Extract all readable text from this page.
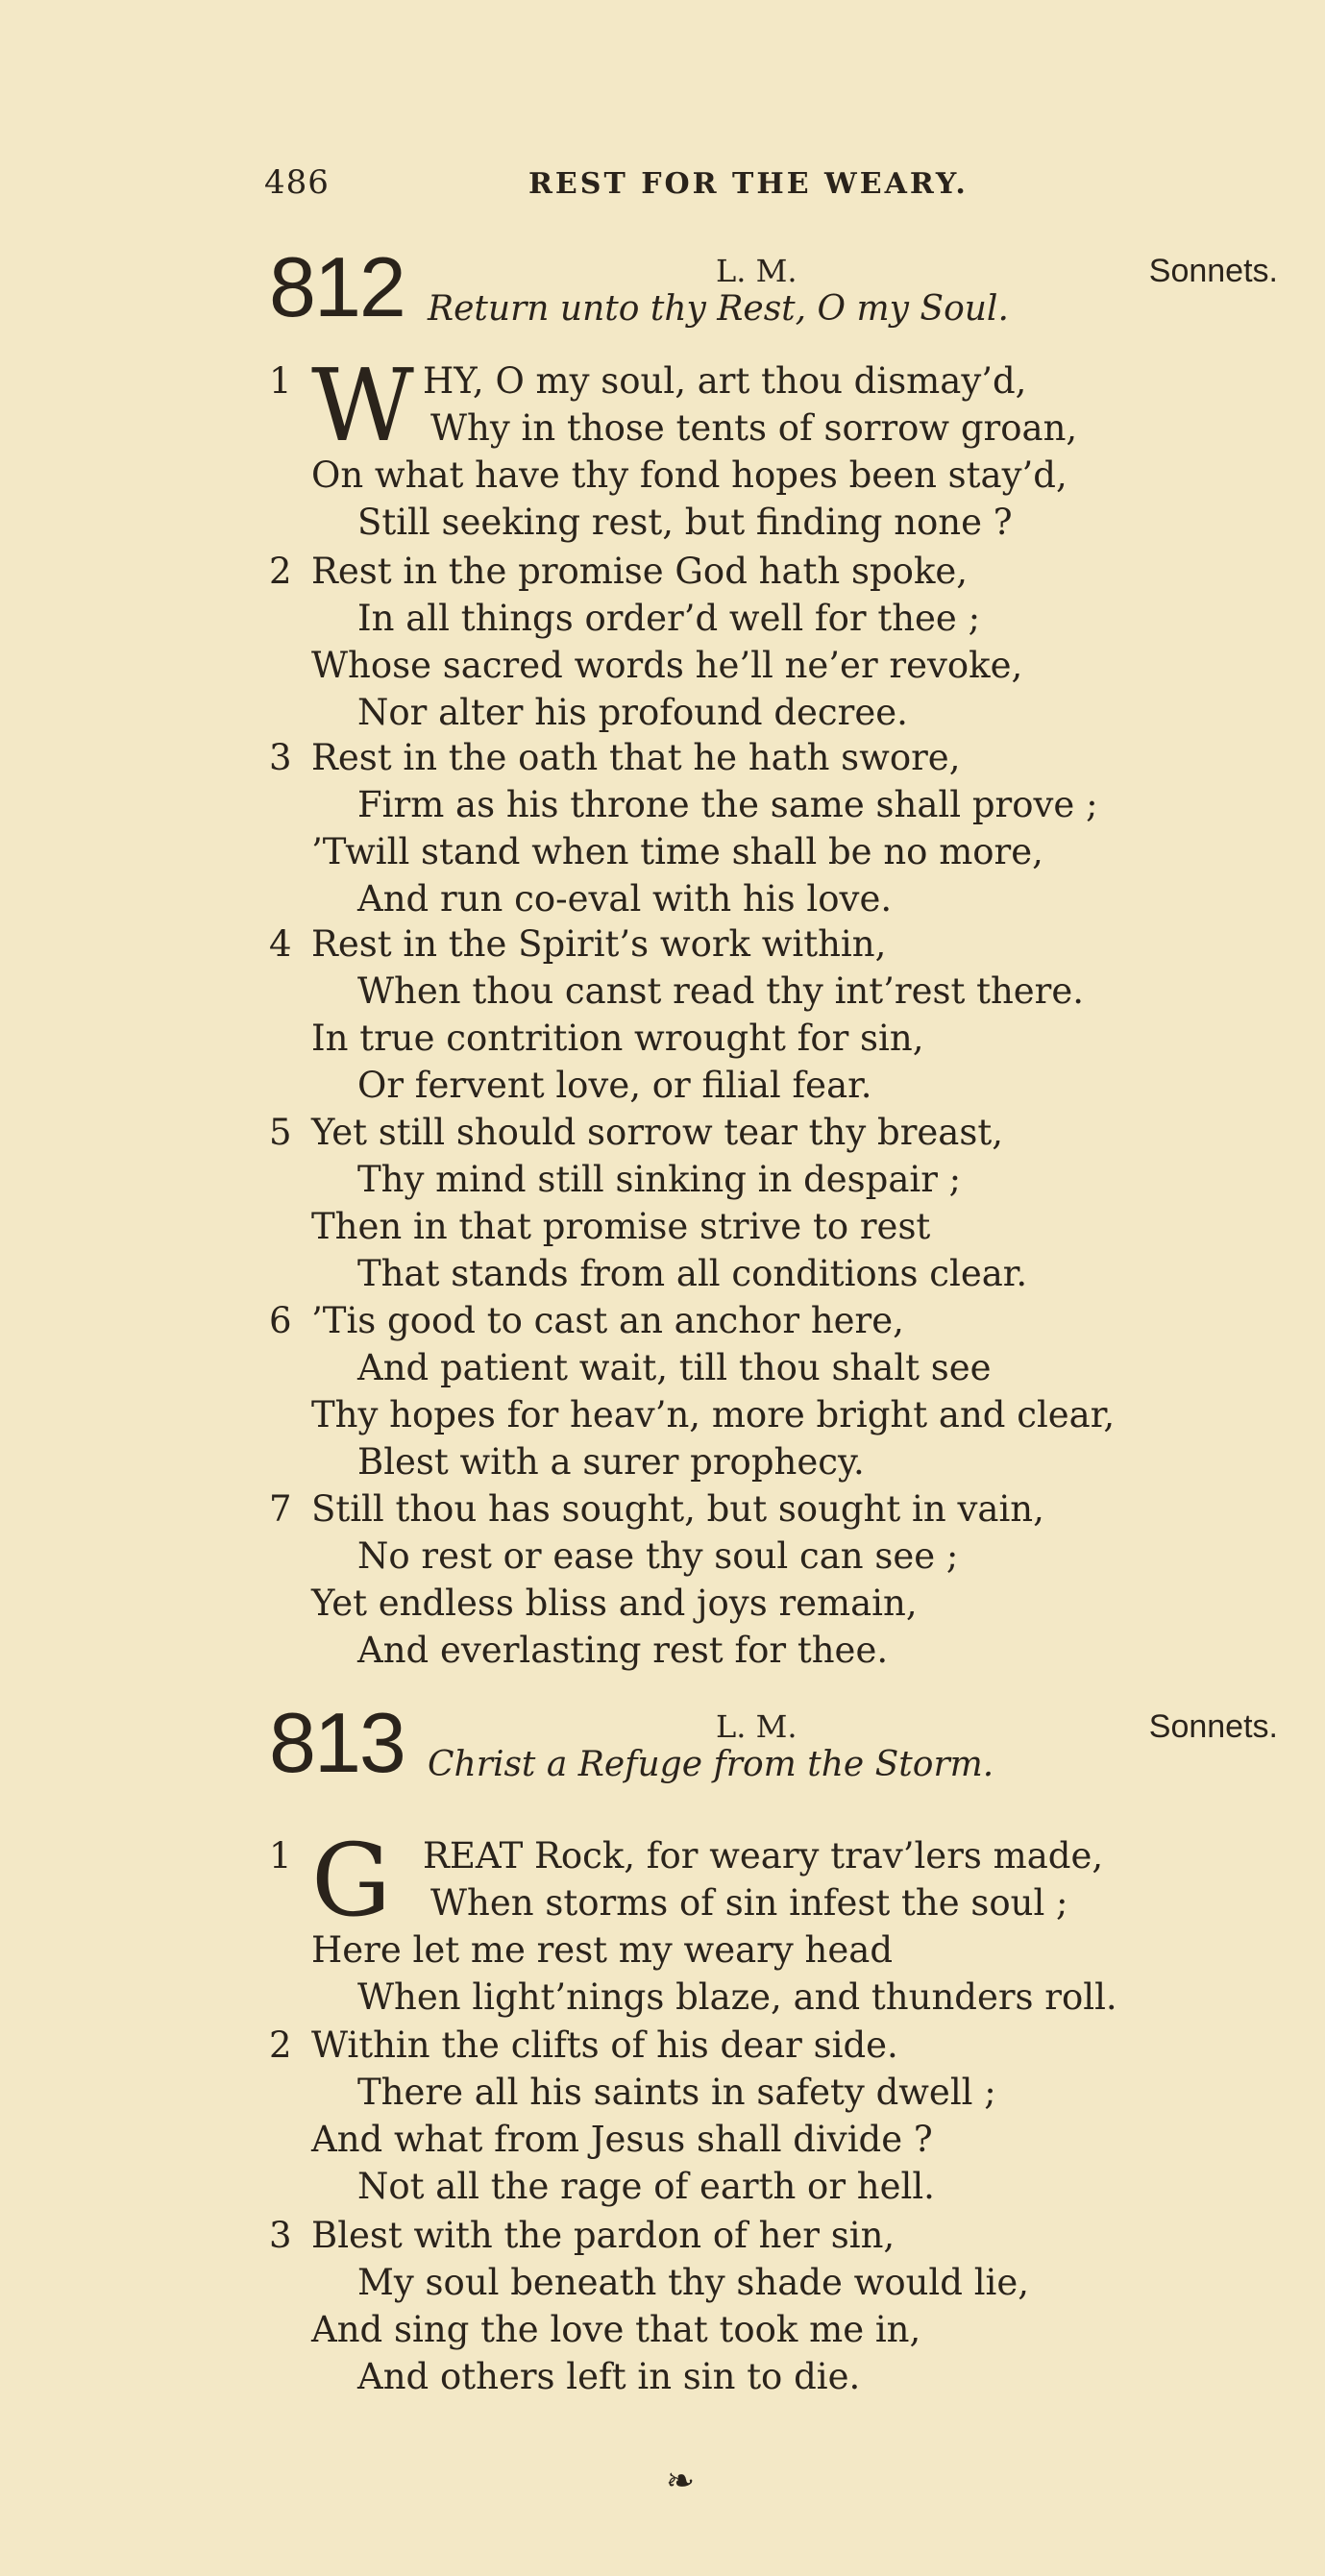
486	REST FOR THE WEARY.
812	L. M.	Sonnets.
Return unto thy Rest, O my Soul.
1 W HY, O my soul, art thou dismay’d,
Why in those tents of sorrow groan,
On what have thy fond hopes been stay’d,
Still seeking rest, but finding none ?
2 Rest in the promise God hath spoke,
In all things order’d well for thee ;
Whose sacred words he’ll ne’er revoke,
Nor alter his profound decree.
3 Rest in the oath that he hath swore,
Firm as his throne the same shall prove ;
’Twill stand when time shall be no more,
And run co-eval with his love.
4 Rest in the Spirit’s work within,
When thou canst read thy int’rest there.
In true contrition wrought for sin,
Or fervent love, or filial fear.
5 Yet still should sorrow tear thy breast,
Thy mind still sinking in despair ;
Then in that promise strive to rest
That stands from all conditions clear.
6 ’Tis good to cast an anchor here,
And patient wait, till thou shalt see
Thy hopes for heav’n, more bright and clear,
Blest with a surer prophecy.
7 Still thou has sought, but sought in vain,
No rest or ease thy soul can see ;
Yet endless bliss and joys remain,
And everlasting rest for thee.
813	L. M.	Sonnets.
Christ a Refuge from the Storm.
1 G REAT Rock, for weary trav’lers made,
When storms of sin infest the soul ;
Here let me rest my weary head
When light’nings blaze, and thunders roll.
2 Within the clifts of his dear side.
There all his saints in safety dwell ;
And what from Jesus shall divide ?
Not all the rage of earth or hell.
3 Blest with the pardon of her sin,
My soul beneath thy shade would lie,
And sing the love that took me in,
And others left in sin to die.
❧
